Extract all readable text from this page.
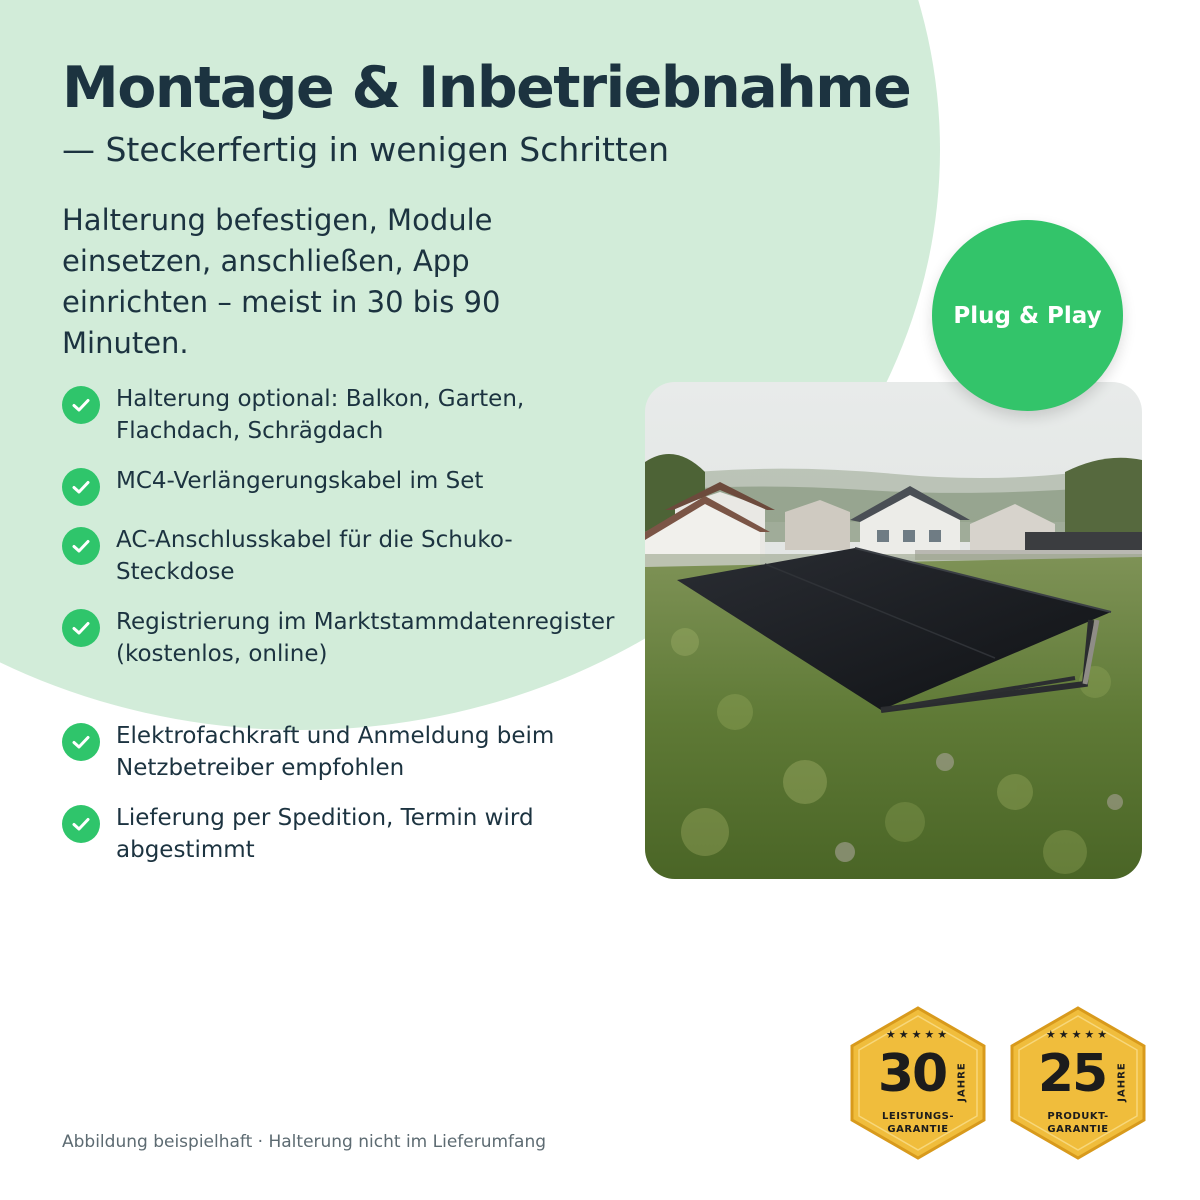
Montage & Inbetriebnahme
— Steckerfertig in wenigen Schritten

Halterung befestigen, Module einsetzen, anschließen, App einrichten – meist in 30 bis 90 Minuten.

Halterung optional: Balkon, Garten, Flachdach, Schrägdach
MC4-Verlängerungskabel im Set
AC-Anschlusskabel für die Schuko-Steckdose
Registrierung im Marktstammdatenregister (kostenlos, online)
Elektrofachkraft und Anmeldung beim Netzbetreiber empfohlen
Lieferung per Spedition, Termin wird abgestimmt
Plug & Play
Abbildung beispielhaft · Halterung nicht im Lieferumfang
★★★★★
30	JAHRE
LEISTUNGS-
GARANTIE
★★★★★
25	JAHRE
PRODUKT-
GARANTIE
